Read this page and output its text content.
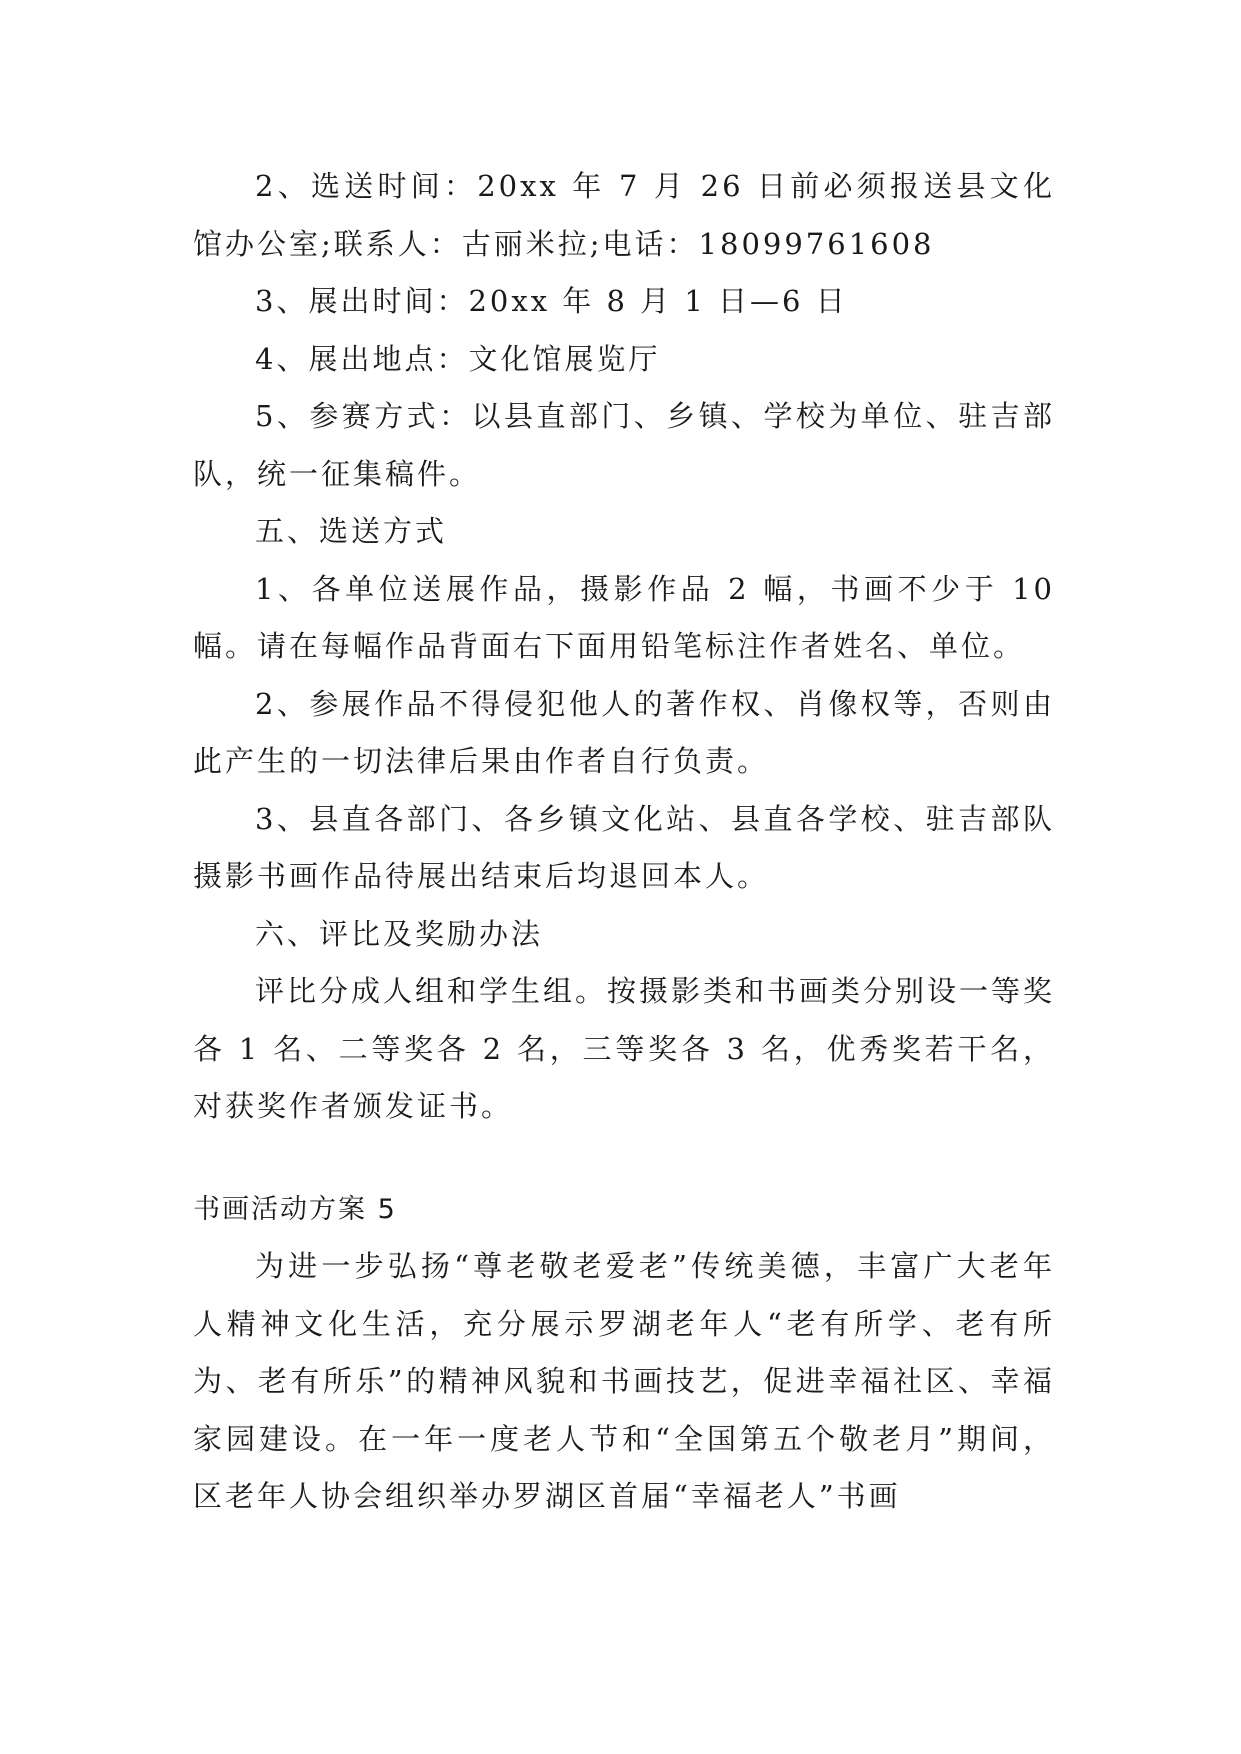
2、选送时间：20xx 年 7 月 26 日前必须报送县文化馆办公室;联系人：古丽米拉;电话：18099761608

3、展出时间：20xx 年 8 月 1 日—6 日

4、展出地点：文化馆展览厅

5、参赛方式：以县直部门、乡镇、学校为单位、驻吉部队，统一征集稿件。

五、选送方式

1、各单位送展作品，摄影作品 2 幅，书画不少于 10 幅。请在每幅作品背面右下面用铅笔标注作者姓名、单位。

2、参展作品不得侵犯他人的著作权、肖像权等，否则由此产生的一切法律后果由作者自行负责。

3、县直各部门、各乡镇文化站、县直各学校、驻吉部队摄影书画作品待展出结束后均退回本人。

六、评比及奖励办法

评比分成人组和学生组。按摄影类和书画类分别设一等奖各 1 名、二等奖各 2 名，三等奖各 3 名，优秀奖若干名，对获奖作者颁发证书。

书画活动方案 5

为进一步弘扬“尊老敬老爱老”传统美德，丰富广大老年人精神文化生活，充分展示罗湖老年人“老有所学、老有所为、老有所乐”的精神风貌和书画技艺，促进幸福社区、幸福家园建设。在一年一度老人节和“全国第五个敬老月”期间，区老年人协会组织举办罗湖区首届“幸福老人”书画
